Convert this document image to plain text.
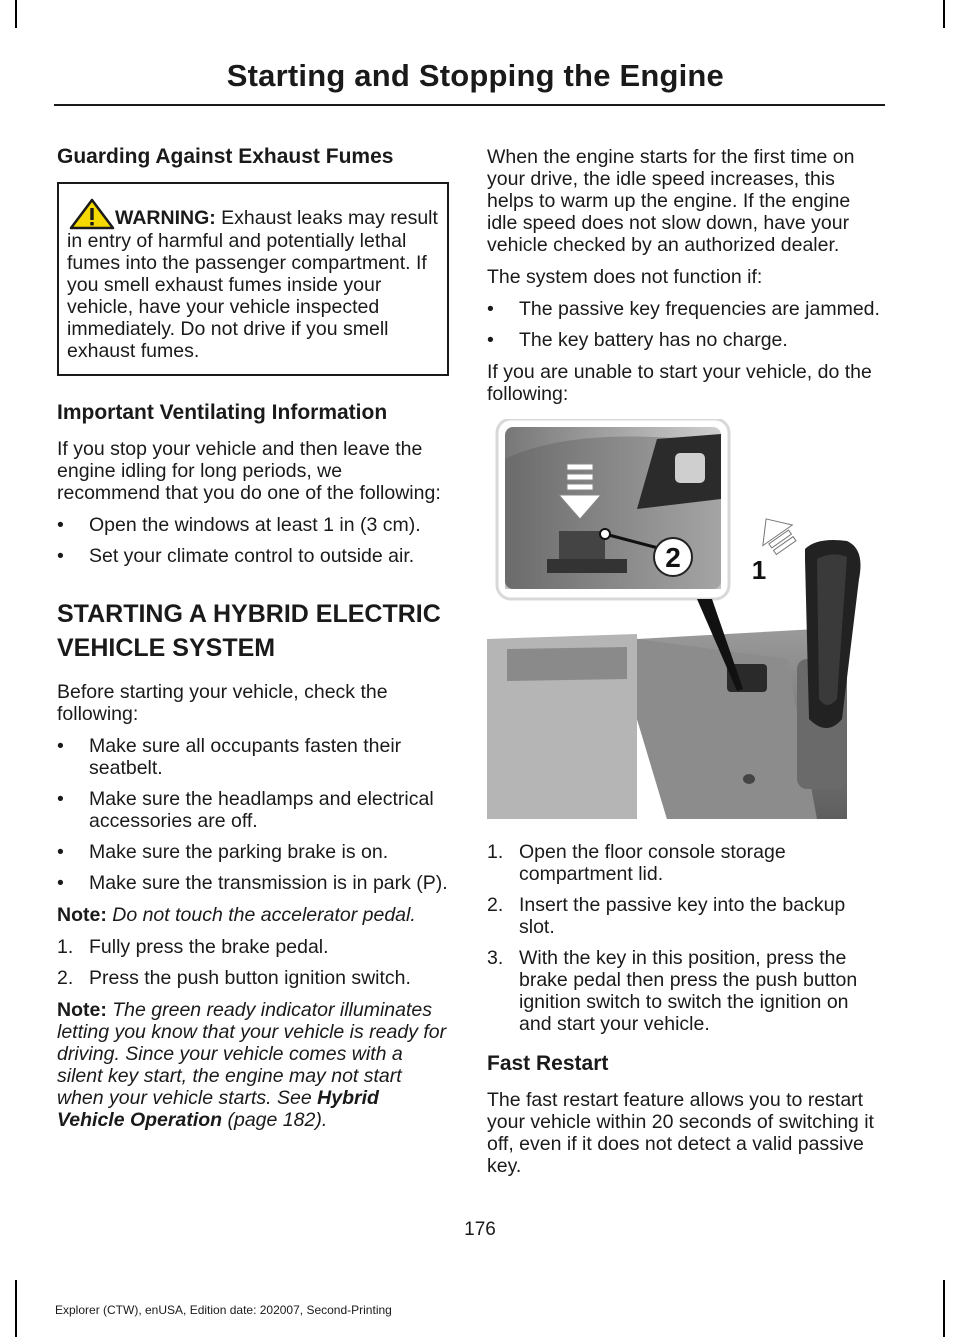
Starting and Stopping the Engine
Guarding Against Exhaust Fumes
WARNING: Exhaust leaks may result in entry of harmful and potentially lethal fumes into the passenger compartment. If you smell exhaust fumes inside your vehicle, have your vehicle inspected immediately. Do not drive if you smell exhaust fumes.
Important Ventilating Information

If you stop your vehicle and then leave the engine idling for long periods, we recommend that you do one of the following:

• Open the windows at least 1 in (3 cm).
• Set your climate control to outside air.
STARTING A HYBRID ELECTRIC VEHICLE SYSTEM

Before starting your vehicle, check the following:

• Make sure all occupants fasten their seatbelt.
• Make sure the headlamps and electrical accessories are off.
• Make sure the parking brake is on.
• Make sure the transmission is in park (P).

Note: Do not touch the accelerator pedal.

1. Fully press the brake pedal.
2. Press the push button ignition switch.

Note: The green ready indicator illuminates letting you know that your vehicle is ready for driving. Since your vehicle comes with a silent key start, the engine may not start when your vehicle starts. See Hybrid Vehicle Operation (page 182).

When the engine starts for the first time on your drive, the idle speed increases, this helps to warm up the engine. If the engine idle speed does not slow down, have your vehicle checked by an authorized dealer.

The system does not function if:

• The passive key frequencies are jammed.
• The key battery has no charge.

If you are unable to start your vehicle, do the following:

2	1
1. Open the floor console storage compartment lid.
2. Insert the passive key into the backup slot.
3. With the key in this position, press the brake pedal then press the push button ignition switch to switch the ignition on and start your vehicle.
Fast Restart

The fast restart feature allows you to restart your vehicle within 20 seconds of switching it off, even if it does not detect a valid passive key.

176
Explorer (CTW), enUSA, Edition date: 202007, Second-Printing
